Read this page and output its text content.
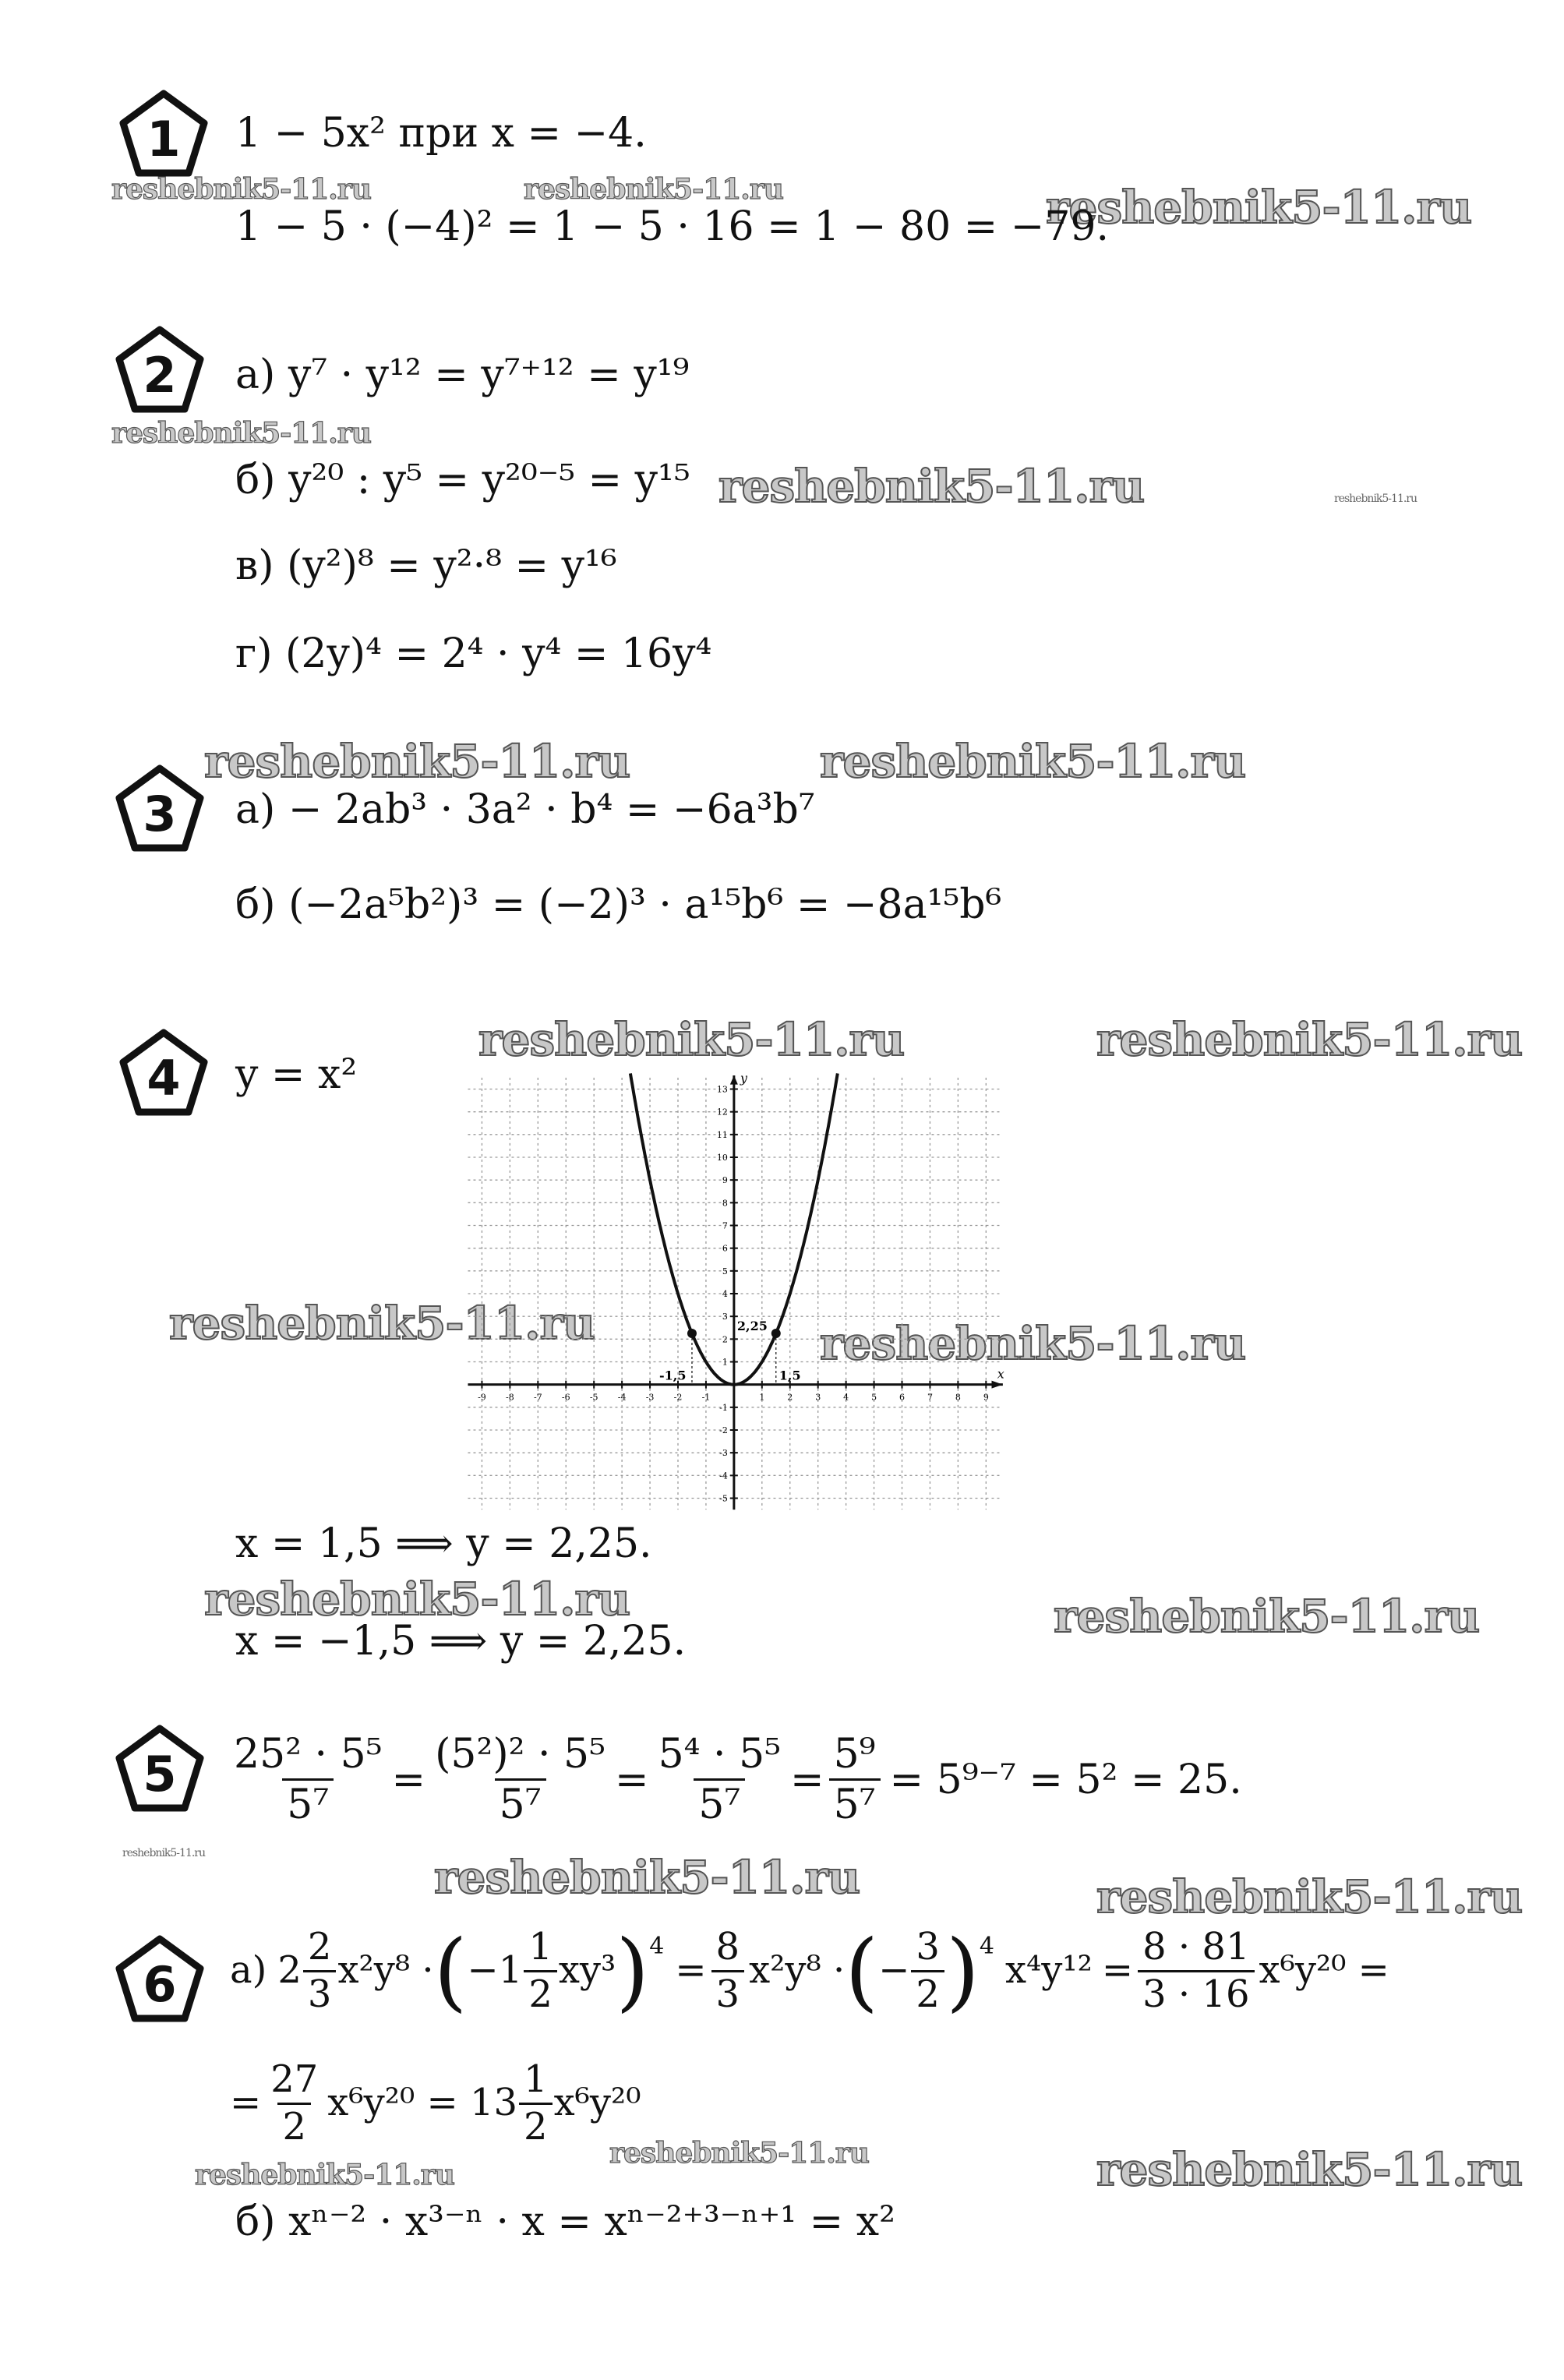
reshebnik5-11.ru	reshebnik5-11.ru	reshebnik5-11.ru
reshebnik5-11.ru
reshebnik5-11.ru	reshebnik5-11.ru
reshebnik5-11.ru	reshebnik5-11.ru
reshebnik5-11.ru	reshebnik5-11.ru
reshebnik5-11.ru	reshebnik5-11.ru
reshebnik5-11.ru	reshebnik5-11.ru
reshebnik5-11.ru	reshebnik5-11.ru	reshebnik5-11.ru
reshebnik5-11.ru
reshebnik5-11.ru	reshebnik5-11.ru
1 1 − 5x² при x = −4.
1 − 5 · (−4)² = 1 − 5 · 16 = 1 − 80 = −79.
2 а) y⁷ · y¹² = y⁷⁺¹² = y¹⁹
б) y²⁰ : y⁵ = y²⁰⁻⁵ = y¹⁵
в) (y²)⁸ = y²·⁸ = y¹⁶
г) (2y)⁴ = 2⁴ · y⁴ = 16y⁴
3 а) − 2ab³ · 3a² · b⁴ = −6a³b⁷
б) (−2a⁵b²)³ = (−2)³ · a¹⁵b⁶ = −8a¹⁵b⁶
4 y = x²
x
y
-9 -8 -7 -6 -5 -4 -3 -2 -1	1	2	3	4	5	6	7	8	9
-5
-4
-3
-2
-1
1
2
3
4
5
6
7
8
9
10
11
12
13
1,5
-1,5
2,25
x = 1,5 ⟹ y = 2,25.
x = −1,5 ⟹ y = 2,25.
$5 \frac{\text{25² · 5⁵}}{\text{5⁷}} = \frac{\text{(5²)² · 5⁵}}{\text{5⁷}} = \frac{\text{5⁴ · 5⁵}}{\text{5⁷}} = \frac{\text{5⁹}}{\text{5⁷}} = 5^{9-7} = 5^2 = 25$.
6 а) $2 \frac{2}{3} x^2y^8$ · ( $-1 \frac{1}{2} xy^3$ ) 4
= $\frac{8}{3} x^2y^8$ · ( − $\frac{3}{2}$ ) 4
$x^4y^{12} = \frac{8 \cdot 81}{3 \cdot 16} x^6y^{20}$ =
= $\frac{27}{2} x^6y^{20} = 13 \frac{1}{2} x^6y^{20}$
б) xⁿ⁻² · x³⁻ⁿ · x = xⁿ⁻²⁺³⁻ⁿ⁺¹ = x²
